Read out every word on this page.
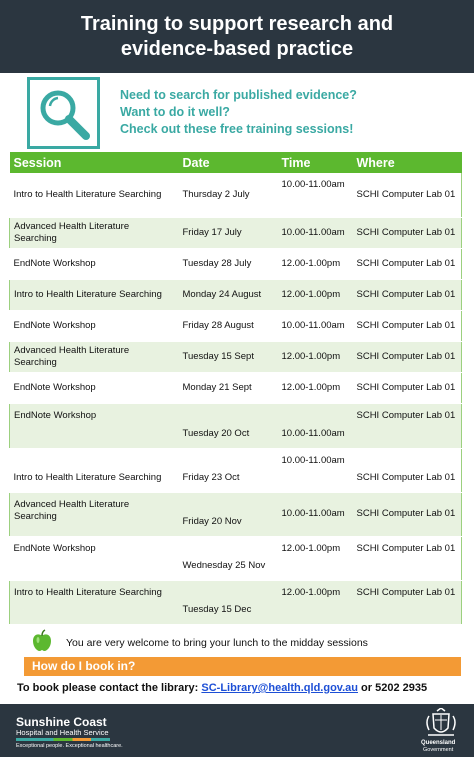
Training to support research and
evidence-based practice
Need to search for published evidence?
Want to do it well?
Check out these free training sessions!
Session	Date	Time	Where
Intro to Health Literature Searching	Thursday 2 July	10.00-11.00am	SCHI Computer Lab 01
Advanced Health Literature Searching	Friday 17 July	10.00-11.00am	SCHI Computer Lab 01
EndNote Workshop	Tuesday 28 July	12.00-1.00pm	SCHI Computer Lab 01
Intro to Health Literature Searching	Monday 24 August	12.00-1.00pm	SCHI Computer Lab 01
EndNote Workshop	Friday 28 August	10.00-11.00am	SCHI Computer Lab 01
Advanced Health Literature Searching	Tuesday 15 Sept	12.00-1.00pm	SCHI Computer Lab 01
EndNote Workshop	Monday 21 Sept	12.00-1.00pm	SCHI Computer Lab 01
EndNote Workshop	Tuesday 20 Oct	10.00-11.00am	SCHI Computer Lab 01
Intro to Health Literature Searching	Friday 23 Oct	10.00-11.00am	SCHI Computer Lab 01
Advanced Health Literature Searching	Friday 20 Nov	10.00-11.00am	SCHI Computer Lab 01
EndNote Workshop	Wednesday 25 Nov	12.00-1.00pm	SCHI Computer Lab 01
Intro to Health Literature Searching	Tuesday 15 Dec	12.00-1.00pm	SCHI Computer Lab 01
You are very welcome to bring your lunch to the midday sessions
How do I book in?
To book please contact the library: SC-Library@health.qld.gov.au or 5202 2935
Sunshine Coast
Hospital and Health Service
Exceptional people. Exceptional healthcare.	Queensland
Government
